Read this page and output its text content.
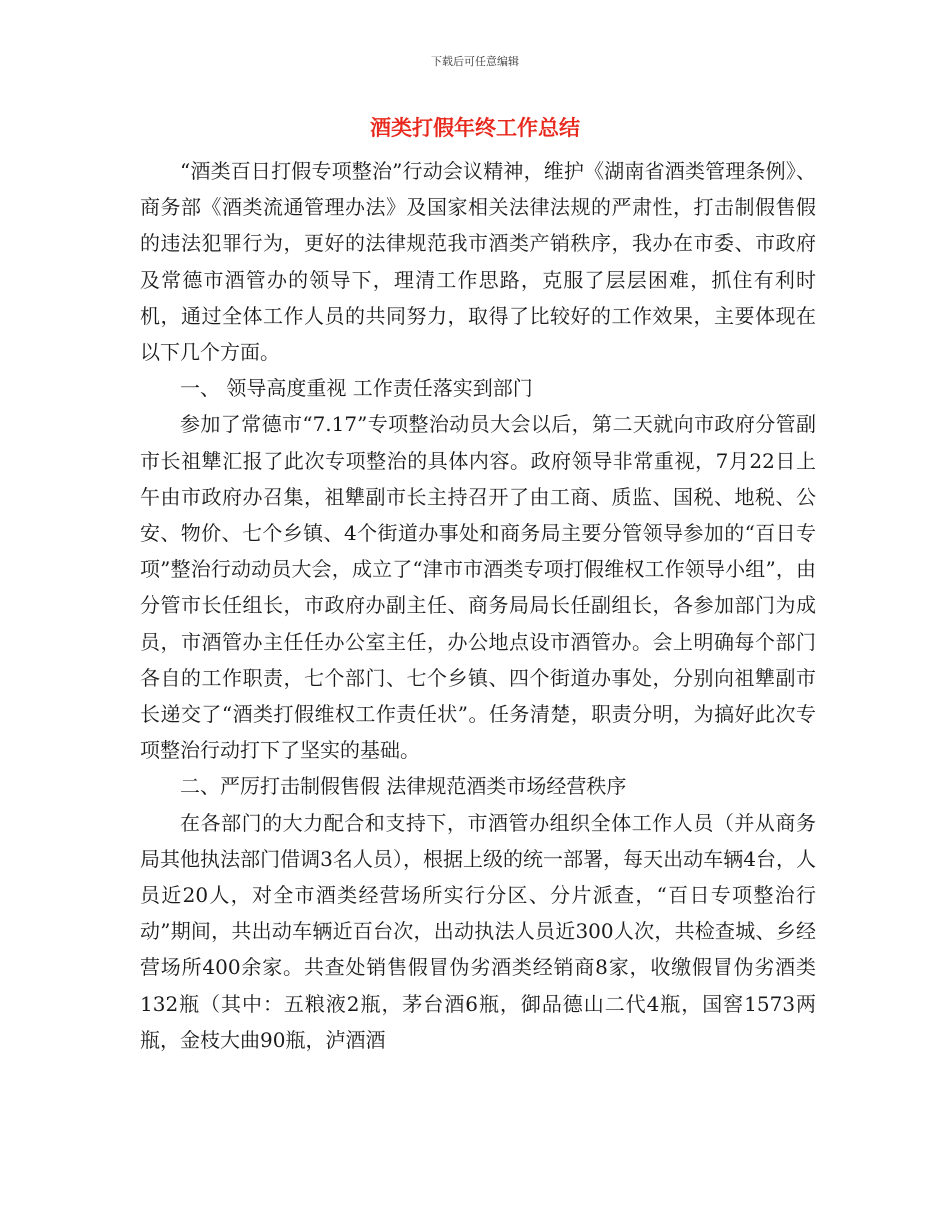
下载后可任意编辑
酒类打假年终工作总结

“酒类百日打假专项整治”行动会议精神，维护《湖南省酒类管理条例》、商务部《酒类流通管理办法》及国家相关法律法规的严肃性，打击制假售假的违法犯罪行为，更好的法律规范我市酒类产销秩序，我办在市委、市政府及常德市酒管办的领导下，理清工作思路，克服了层层困难，抓住有利时机，通过全体工作人员的共同努力，取得了比较好的工作效果，主要体现在以下几个方面。

一、 领导高度重视 工作责任落实到部门

参加了常德市“7.17”专项整治动员大会以后，第二天就向市政府分管副市长祖犨汇报了此次专项整治的具体内容。政府领导非常重视，7月22日上午由市政府办召集，祖犨副市长主持召开了由工商、质监、国税、地税、公安、物价、七个乡镇、4个街道办事处和商务局主要分管领导参加的“百日专项”整治行动动员大会，成立了“津市市酒类专项打假维权工作领导小组”，由分管市长任组长，市政府办副主任、商务局局长任副组长，各参加部门为成员，市酒管办主任任办公室主任，办公地点设市酒管办。会上明确每个部门各自的工作职责，七个部门、七个乡镇、四个街道办事处，分别向祖犨副市长递交了“酒类打假维权工作责任状”。任务清楚，职责分明，为搞好此次专项整治行动打下了坚实的基础。

二、严厉打击制假售假 法律规范酒类市场经营秩序

在各部门的大力配合和支持下，市酒管办组织全体工作人员（并从商务局其他执法部门借调3名人员），根据上级的统一部署，每天出动车辆4台，人员近20人，对全市酒类经营场所实行分区、分片派查，“百日专项整治行动”期间，共出动车辆近百台次，出动执法人员近300人次，共检查城、乡经营场所400余家。共查处销售假冒伪劣酒类经销商8家，收缴假冒伪劣酒类132瓶（其中：五粮液2瓶，茅台酒6瓶，御品德山二代4瓶，国窖1573两瓶，金枝大曲90瓶，泸酒酒
